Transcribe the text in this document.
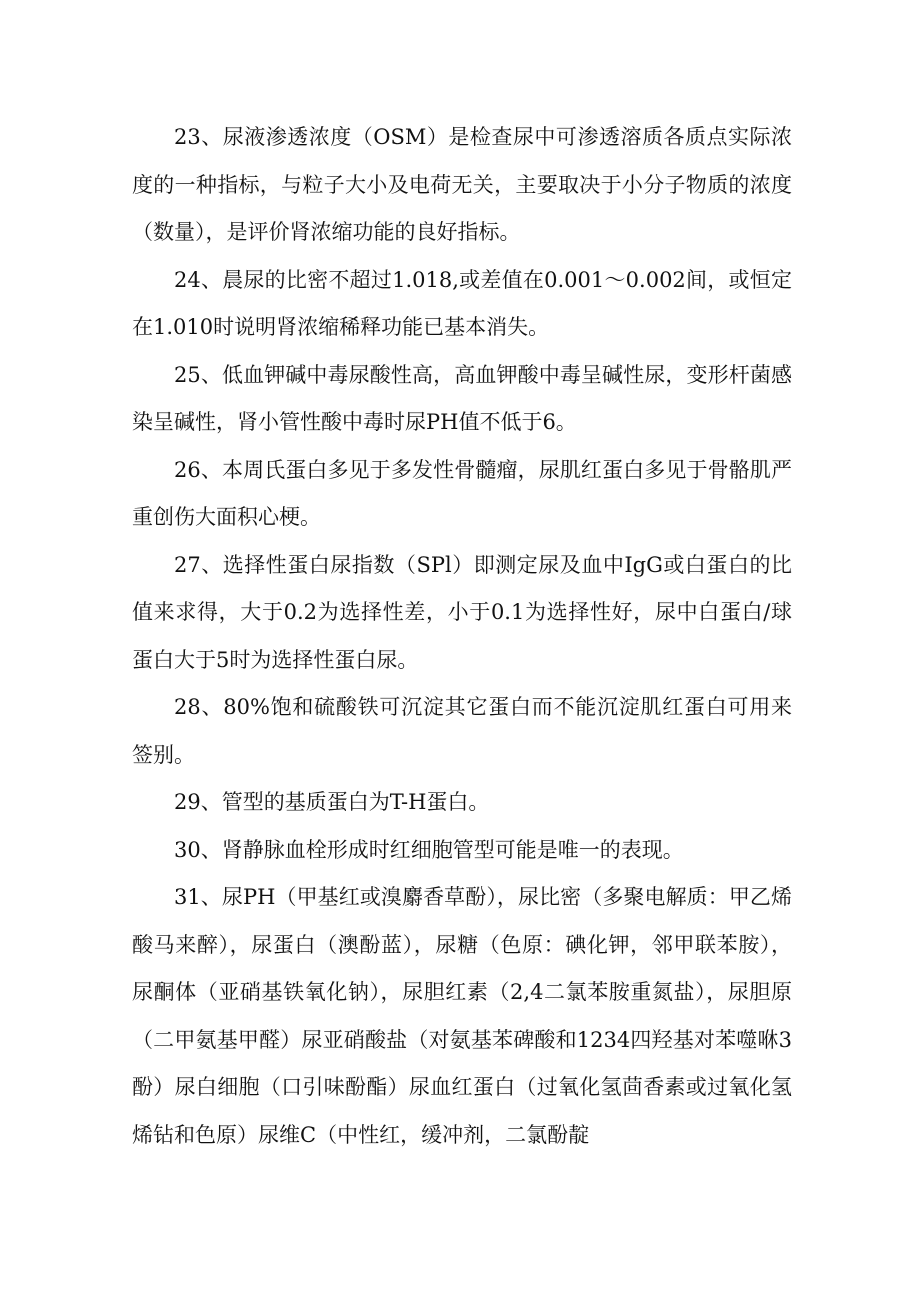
23、尿液渗透浓度（OSM）是检查尿中可渗透溶质各质点实际浓度的一种指标，与粒子大小及电荷无关，主要取决于小分子物质的浓度（数量），是评价肾浓缩功能的良好指标。

24、晨尿的比密不超过1.018,或差值在0.001～0.002间，或恒定在1.010时说明肾浓缩稀释功能已基本消失。

25、低血钾碱中毒尿酸性高，高血钾酸中毒呈碱性尿，变形杆菌感染呈碱性，肾小管性酸中毒时尿PH值不低于6。

26、本周氏蛋白多见于多发性骨髓瘤，尿肌红蛋白多见于骨骼肌严重创伤大面积心梗。

27、选择性蛋白尿指数（SPl）即测定尿及血中IgG或白蛋白的比值来求得，大于0.2为选择性差，小于0.1为选择性好，尿中白蛋白/球蛋白大于5时为选择性蛋白尿。

28、80%饱和硫酸铁可沉淀其它蛋白而不能沉淀肌红蛋白可用来签别。

29、管型的基质蛋白为T-H蛋白。

30、肾静脉血栓形成时红细胞管型可能是唯一的表现。

31、尿PH（甲基红或溴麝香草酚），尿比密（多聚电解质：甲乙烯酸马来醉），尿蛋白（澳酚蓝），尿糖（色原：碘化钾，邻甲联苯胺），尿酮体（亚硝基铁氧化钠），尿胆红素（2,4二氯苯胺重氮盐），尿胆原（二甲氨基甲醛）尿亚硝酸盐（对氨基苯碑酸和1234四羟基对苯噬咻3酚）尿白细胞（口引味酚酯）尿血红蛋白（过氧化氢茴香素或过氧化氢烯钻和色原）尿维C（中性红，缓冲剂，二氯酚靛
